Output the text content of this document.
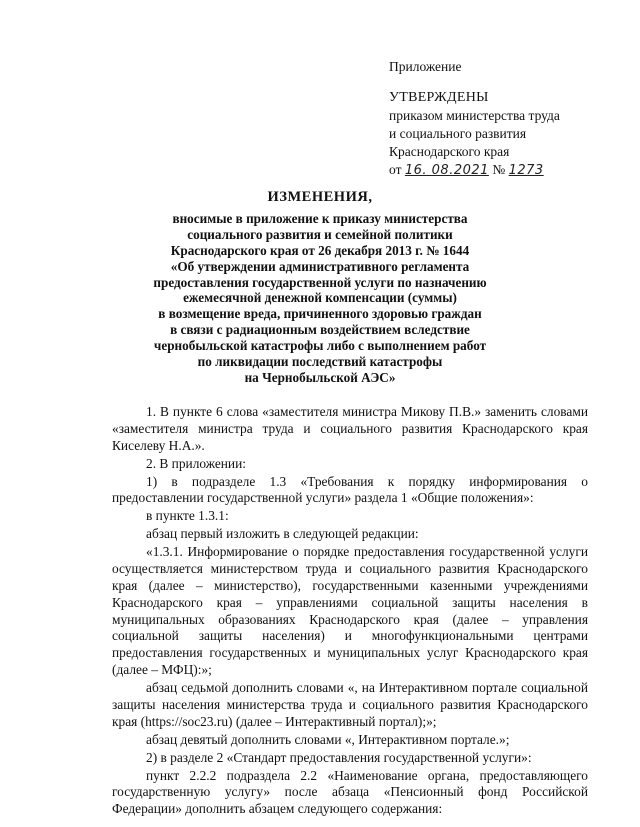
Приложение
УТВЕРЖДЕНЫ
приказом министерства труда
и социального развития
Краснодарского края
от 16. 08.2021 № 1273
ИЗМЕНЕНИЯ,
вносимые в приложение к приказу министерства
социального развития и семейной политики
Краснодарского края от 26 декабря 2013 г. № 1644
«Об утверждении административного регламента
предоставления государственной услуги по назначению
ежемесячной денежной компенсации (суммы)
в возмещение вреда, причиненного здоровью граждан
в связи с радиационным воздействием вследствие
чернобыльской катастрофы либо с выполнением работ
по ликвидации последствий катастрофы
на Чернобыльской АЭС»

1. В пункте 6 слова «заместителя министра Микову П.В.» заменить словами «заместителя министра труда и социального развития Краснодарского края Киселеву Н.А.».

2. В приложении:

1) в подразделе 1.3 «Требования к порядку информирования о предоставлении государственной услуги» раздела 1 «Общие положения»:

в пункте 1.3.1:

абзац первый изложить в следующей редакции:

«1.3.1. Информирование о порядке предоставления государственной услуги осуществляется министерством труда и социального развития Краснодарского края (далее – министерство), государственными казенными учреждениями Краснодарского края – управлениями социальной защиты населения в муниципальных образованиях Краснодарского края (далее – управления социальной защиты населения) и многофункциональными центрами предоставления государственных и муниципальных услуг Краснодарского края (далее – МФЦ):»;

абзац седьмой дополнить словами «, на Интерактивном портале социальной защиты населения министерства труда и социального развития Краснодарского края (https://soc23.ru) (далее – Интерактивный портал);»;

абзац девятый дополнить словами «, Интерактивном портале.»;

2) в разделе 2 «Стандарт предоставления государственной услуги»:

пункт 2.2.2 подраздела 2.2 «Наименование органа, предоставляющего государственную услугу» после абзаца «Пенсионный фонд Российской Федерации» дополнить абзацем следующего содержания:
